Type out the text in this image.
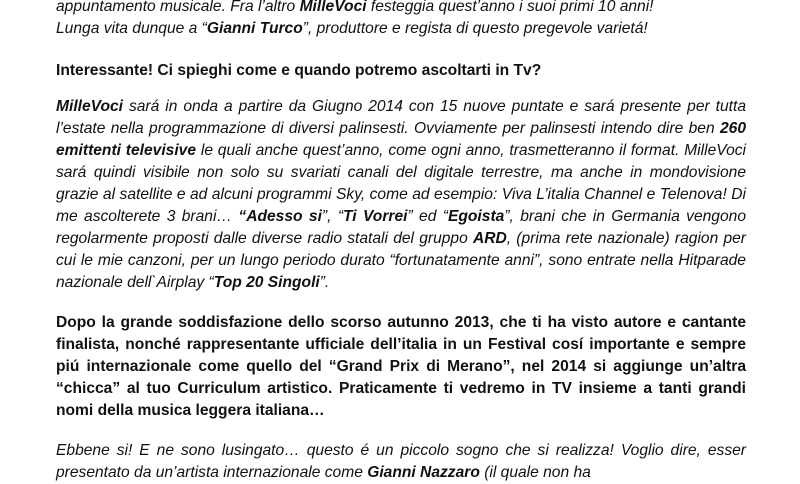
appuntamento musicale. Fra l’altro MilleVoci festeggia quest’anno i suoi primi 10 anni!
Lunga vita dunque a “Gianni Turco”, produttore e regista di questo pregevole varietá!

Interessante! Ci spieghi come e quando potremo ascoltarti in Tv?

MilleVoci sará in onda a partire da Giugno 2014 con 15 nuove puntate e sará presente per tutta l’estate nella programmazione di diversi palinsesti. Ovviamente per palinsesti intendo dire ben 260 emittenti televisive le quali anche quest’anno, come ogni anno, trasmetteranno il format. MilleVoci sará quindi visibile non solo su svariati canali del digitale terrestre, ma anche in mondovisione grazie al satellite e ad alcuni programmi Sky, come ad esempio: Viva L’italia Channel e Telenova! Di me ascolterete 3 brani… “Adesso si”, “Ti Vorrei” ed “Egoista”, brani che in Germania vengono regolarmente proposti dalle diverse radio statali del gruppo ARD, (prima rete nazionale) ragion per cui le mie canzoni, per un lungo periodo durato “fortunatamente anni”, sono entrate nella Hitparade nazionale dell`Airplay “Top 20 Singoli”.

Dopo la grande soddisfazione dello scorso autunno 2013, che ti ha visto autore e cantante finalista, nonché rappresentante ufficiale dell’italia in un Festival cosí importante e sempre piú internazionale come quello del “Grand Prix di Merano”, nel 2014 si aggiunge un’altra “chicca” al tuo Curriculum artistico. Praticamente ti vedremo in TV insieme a tanti grandi nomi della musica leggera italiana…

Ebbene si! E ne sono lusingato… questo é un piccolo sogno che si realizza! Voglio dire, esser presentato da un’artista internazionale come Gianni Nazzaro (il quale non ha
